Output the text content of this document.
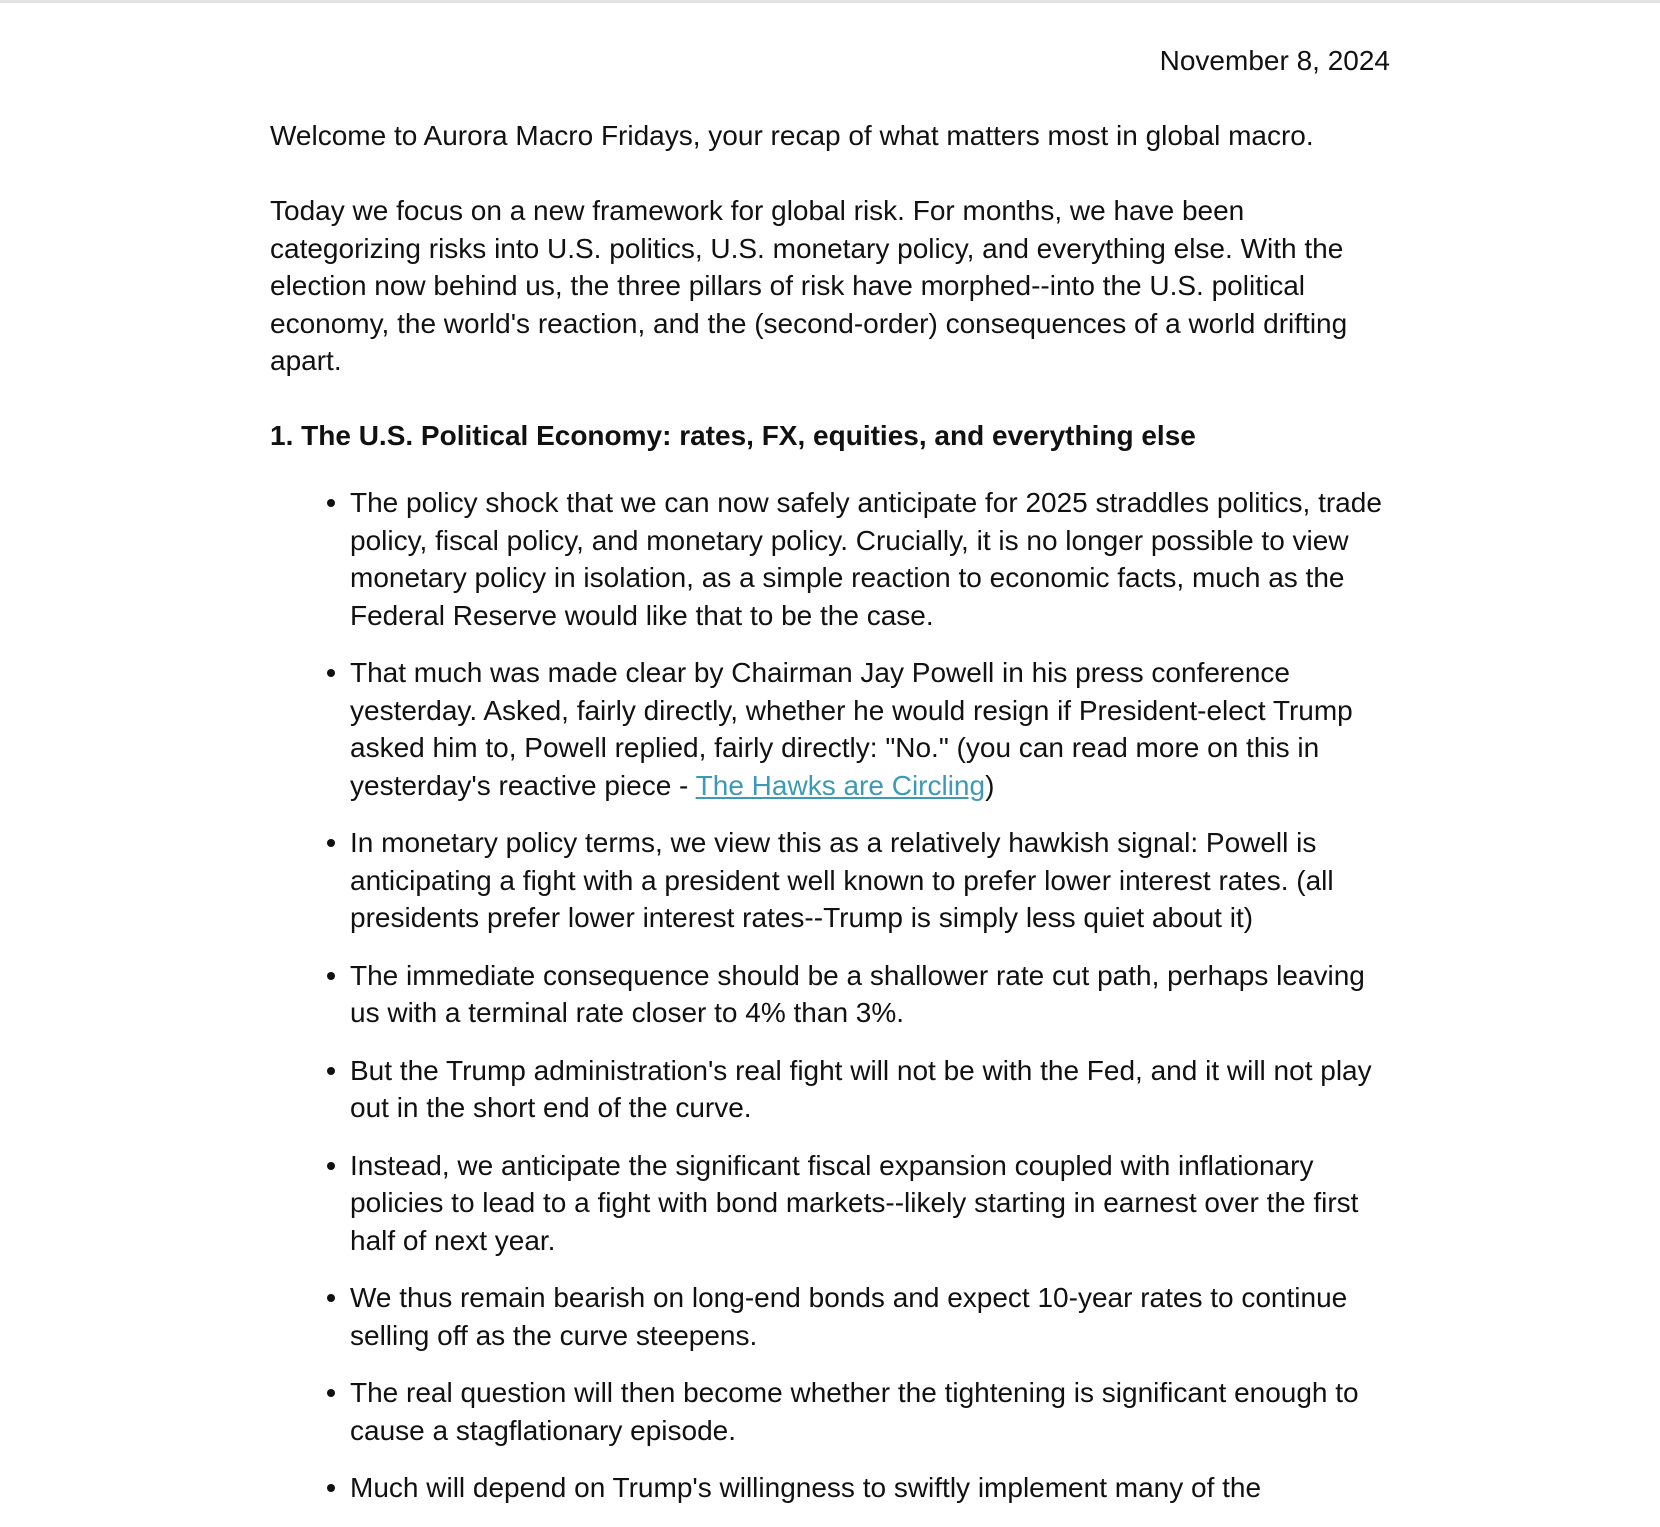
November 8, 2024

Welcome to Aurora Macro Fridays, your recap of what matters most in global macro.

Today we focus on a new framework for global risk. For months, we have been categorizing risks into U.S. politics, U.S. monetary policy, and everything else. With the election now behind us, the three pillars of risk have morphed--into the U.S. political economy, the world's reaction, and the (second-order) consequences of a world drifting apart.

1. The U.S. Political Economy: rates, FX, equities, and everything else
The policy shock that we can now safely anticipate for 2025 straddles politics, trade policy, fiscal policy, and monetary policy. Crucially, it is no longer possible to view monetary policy in isolation, as a simple reaction to economic facts, much as the Federal Reserve would like that to be the case.
That much was made clear by Chairman Jay Powell in his press conference yesterday. Asked, fairly directly, whether he would resign if President-elect Trump asked him to, Powell replied, fairly directly: "No." (you can read more on this in yesterday's reactive piece - The Hawks are Circling)
In monetary policy terms, we view this as a relatively hawkish signal: Powell is anticipating a fight with a president well known to prefer lower interest rates. (all presidents prefer lower interest rates--Trump is simply less quiet about it)
The immediate consequence should be a shallower rate cut path, perhaps leaving us with a terminal rate closer to 4% than 3%.
But the Trump administration's real fight will not be with the Fed, and it will not play out in the short end of the curve.
Instead, we anticipate the significant fiscal expansion coupled with inflationary policies to lead to a fight with bond markets--likely starting in earnest over the first half of next year.
We thus remain bearish on long-end bonds and expect 10-year rates to continue selling off as the curve steepens.
The real question will then become whether the tightening is significant enough to cause a stagflationary episode.
Much will depend on Trump's willingness to swiftly implement many of the
